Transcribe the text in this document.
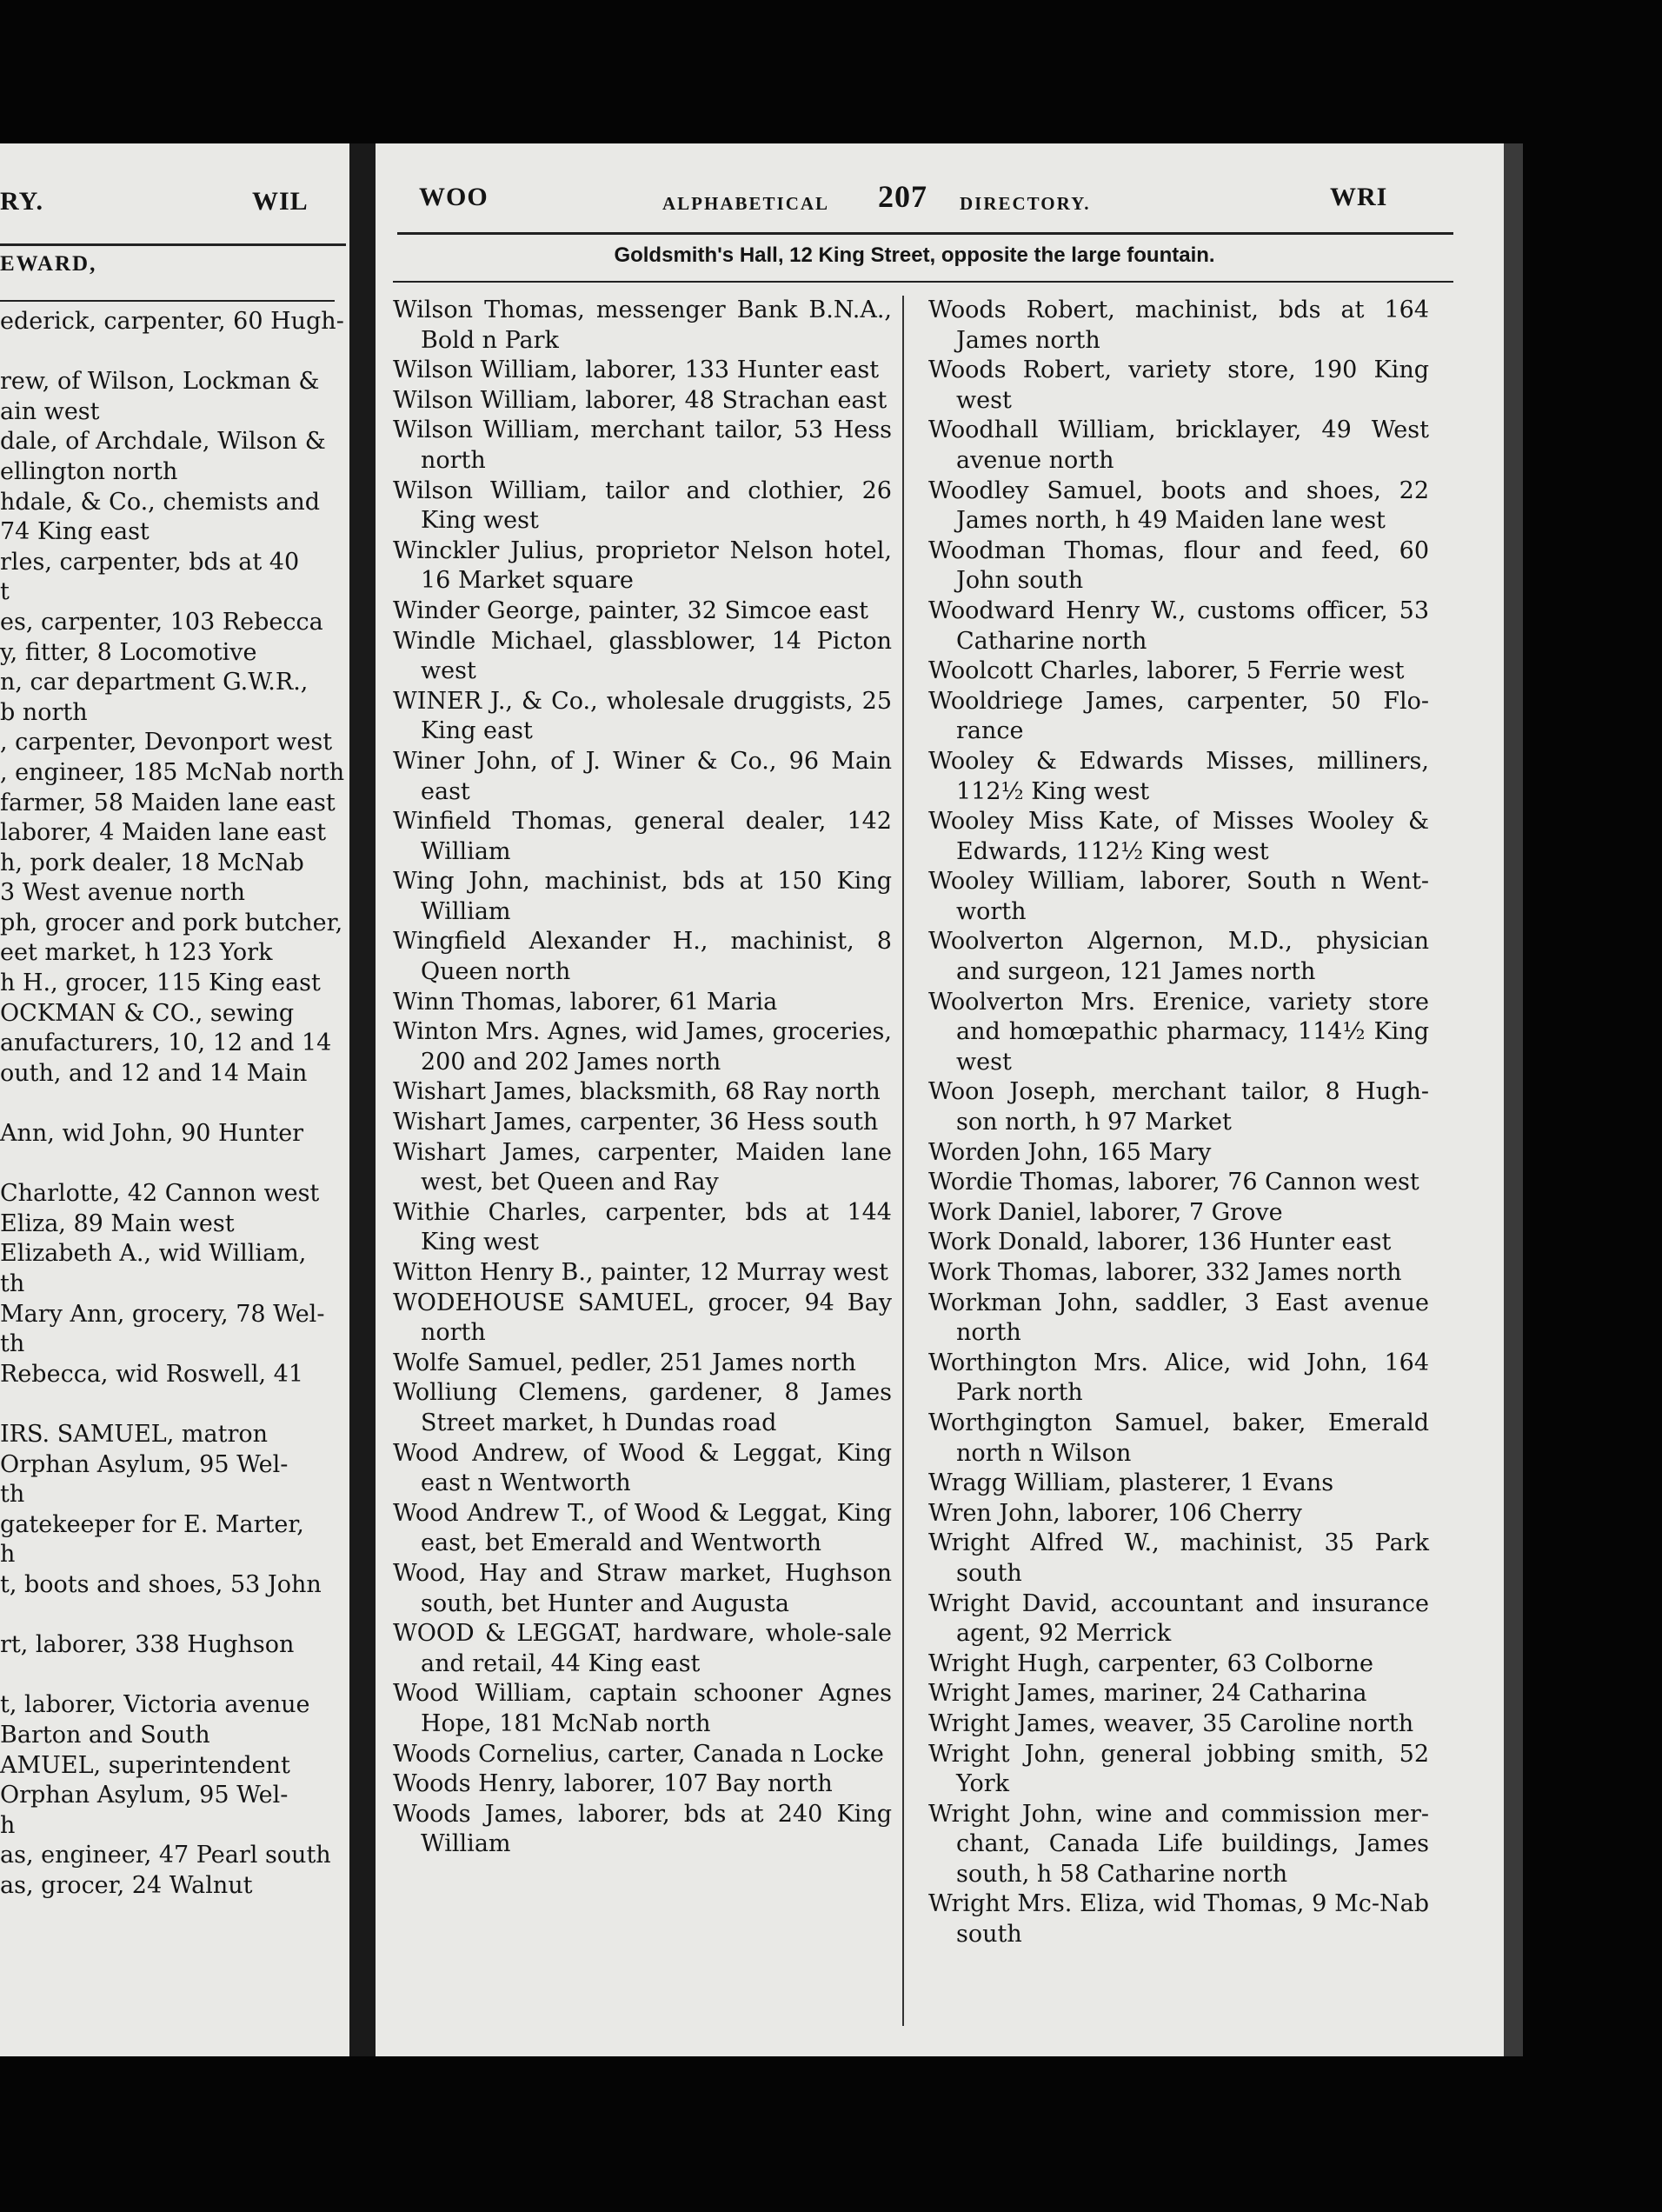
RY.	WIL
EWARD,
ederick, carpenter, 60 Hugh-

rew, of Wilson, Lockman &
ain west
dale, of Archdale, Wilson &
ellington north
hdale, & Co., chemists and
74 King east
rles, carpenter, bds at 40
t
es, carpenter, 103 Rebecca
y, fitter, 8 Locomotive
n, car department G.W.R.,
b north
, carpenter, Devonport west
, engineer, 185 McNab north
farmer, 58 Maiden lane east
laborer, 4 Maiden lane east
h, pork dealer, 18 McNab
3 West avenue north
ph, grocer and pork butcher,
eet market, h 123 York
h H., grocer, 115 King east
OCKMAN & CO., sewing
anufacturers, 10, 12 and 14
outh, and 12 and 14 Main

Ann, wid John, 90 Hunter

Charlotte, 42 Cannon west
Eliza, 89 Main west
Elizabeth A., wid William,
th
Mary Ann, grocery, 78 Wel-
th
Rebecca, wid Roswell, 41

IRS. SAMUEL, matron
Orphan Asylum, 95 Wel-
th
gatekeeper for E. Marter,
h
t, boots and shoes, 53 John

rt, laborer, 338 Hughson

t, laborer, Victoria avenue
Barton and South
AMUEL, superintendent
Orphan Asylum, 95 Wel-
h
as, engineer, 47 Pearl south
as, grocer, 24 Walnut
WOO	ALPHABETICAL 207 DIRECTORY.	WRI
Goldsmith's Hall, 12 King Street, opposite the large fountain.

Wilson Thomas, messenger Bank B.N.A., Bold n Park

Wilson William, laborer, 133 Hunter east

Wilson William, laborer, 48 Strachan east

Wilson William, merchant tailor, 53 Hess north

Wilson William, tailor and clothier, 26 King west

Winckler Julius, proprietor Nelson hotel, 16 Market square

Winder George, painter, 32 Simcoe east

Windle Michael, glassblower, 14 Picton west

WINER J., & Co., wholesale druggists, 25 King east

Winer John, of J. Winer & Co., 96 Main east

Winfield Thomas, general dealer, 142 William

Wing John, machinist, bds at 150 King William

Wingfield Alexander H., machinist, 8 Queen north

Winn Thomas, laborer, 61 Maria

Winton Mrs. Agnes, wid James, groceries, 200 and 202 James north

Wishart James, blacksmith, 68 Ray north

Wishart James, carpenter, 36 Hess south

Wishart James, carpenter, Maiden lane west, bet Queen and Ray

Withie Charles, carpenter, bds at 144 King west

Witton Henry B., painter, 12 Murray west

WODEHOUSE SAMUEL, grocer, 94 Bay north

Wolfe Samuel, pedler, 251 James north

Wolliung Clemens, gardener, 8 James Street market, h Dundas road

Wood Andrew, of Wood & Leggat, King east n Wentworth

Wood Andrew T., of Wood & Leggat, King east, bet Emerald and Wentworth

Wood, Hay and Straw market, Hughson south, bet Hunter and Augusta

WOOD & LEGGAT, hardware, whole-sale and retail, 44 King east

Wood William, captain schooner Agnes Hope, 181 McNab north

Woods Cornelius, carter, Canada n Locke

Woods Henry, laborer, 107 Bay north

Woods James, laborer, bds at 240 King William

Woods Robert, machinist, bds at 164 James north

Woods Robert, variety store, 190 King west

Woodhall William, bricklayer, 49 West avenue north

Woodley Samuel, boots and shoes, 22 James north, h 49 Maiden lane west

Woodman Thomas, flour and feed, 60 John south

Woodward Henry W., customs officer, 53 Catharine north

Woolcott Charles, laborer, 5 Ferrie west

Wooldriege James, carpenter, 50 Flo-rance

Wooley & Edwards Misses, milliners, 112½ King west

Wooley Miss Kate, of Misses Wooley & Edwards, 112½ King west

Wooley William, laborer, South n Went-worth

Woolverton Algernon, M.D., physician and surgeon, 121 James north

Woolverton Mrs. Erenice, variety store and homœpathic pharmacy, 114½ King west

Woon Joseph, merchant tailor, 8 Hugh-son north, h 97 Market

Worden John, 165 Mary

Wordie Thomas, laborer, 76 Cannon west

Work Daniel, laborer, 7 Grove

Work Donald, laborer, 136 Hunter east

Work Thomas, laborer, 332 James north

Workman John, saddler, 3 East avenue north

Worthington Mrs. Alice, wid John, 164 Park north

Worthgington Samuel, baker, Emerald north n Wilson

Wragg William, plasterer, 1 Evans

Wren John, laborer, 106 Cherry

Wright Alfred W., machinist, 35 Park south

Wright David, accountant and insurance agent, 92 Merrick

Wright Hugh, carpenter, 63 Colborne

Wright James, mariner, 24 Catharina

Wright James, weaver, 35 Caroline north

Wright John, general jobbing smith, 52 York

Wright John, wine and commission mer-chant, Canada Life buildings, James south, h 58 Catharine north

Wright Mrs. Eliza, wid Thomas, 9 Mc-Nab south
